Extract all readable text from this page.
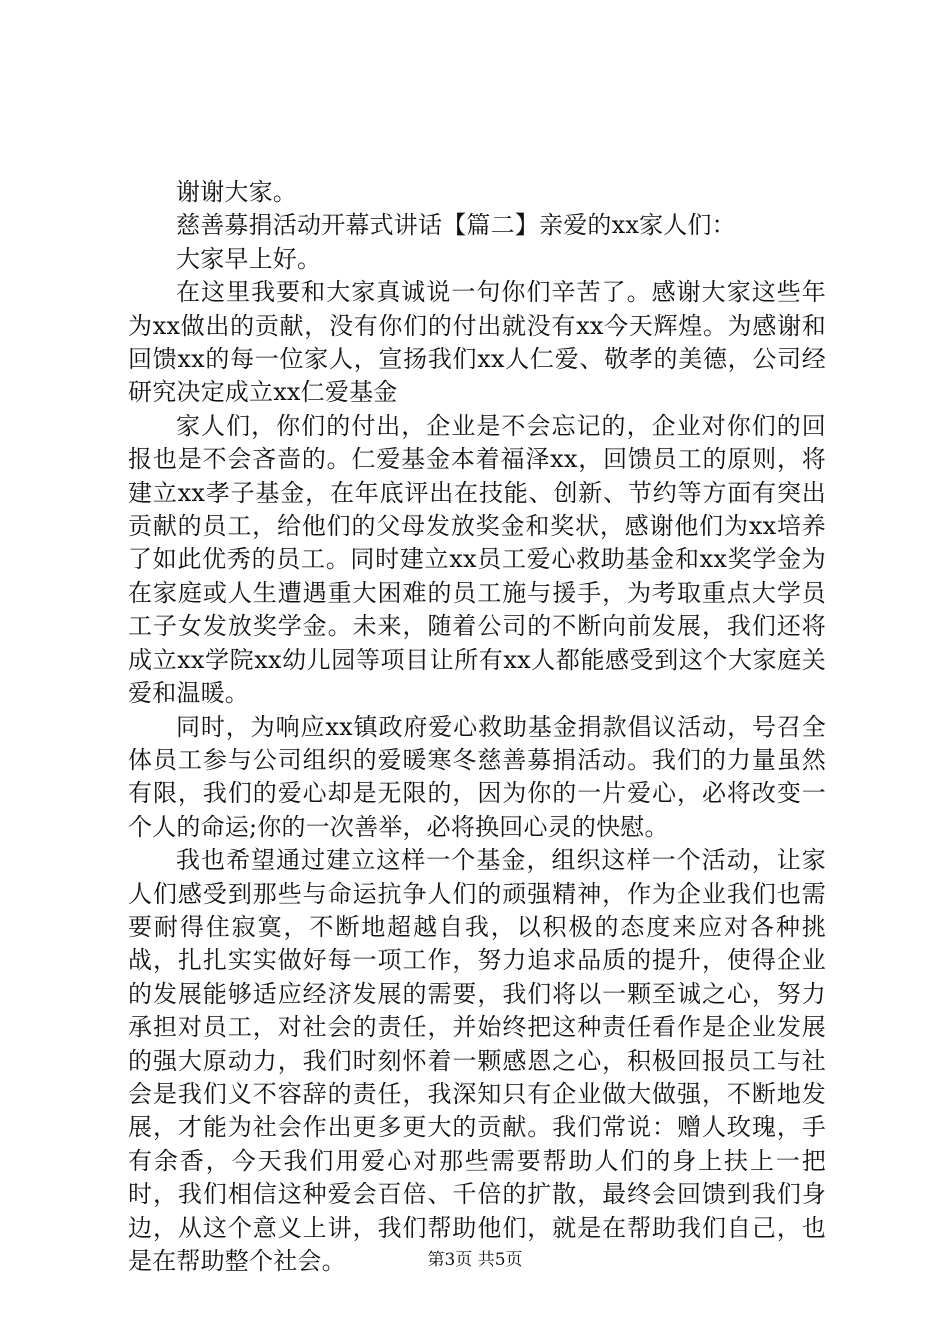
谢谢大家。

慈善募捐活动开幕式讲话【篇二】亲爱的xx家人们：

大家早上好。

在这里我要和大家真诚说一句你们辛苦了。感谢大家这些年为xx做出的贡献，没有你们的付出就没有xx今天辉煌。为感谢和回馈xx的每一位家人，宣扬我们xx人仁爱、敬孝的美德，公司经研究决定成立xx仁爱基金

家人们，你们的付出，企业是不会忘记的，企业对你们的回报也是不会吝啬的。仁爱基金本着福泽xx，回馈员工的原则，将建立xx孝子基金，在年底评出在技能、创新、节约等方面有突出贡献的员工，给他们的父母发放奖金和奖状，感谢他们为xx培养了如此优秀的员工。同时建立xx员工爱心救助基金和xx奖学金为在家庭或人生遭遇重大困难的员工施与援手，为考取重点大学员工子女发放奖学金。未来，随着公司的不断向前发展，我们还将成立xx学院xx幼儿园等项目让所有xx人都能感受到这个大家庭关爱和温暖。

同时，为响应xx镇政府爱心救助基金捐款倡议活动，号召全体员工参与公司组织的爱暖寒冬慈善募捐活动。我们的力量虽然有限，我们的爱心却是无限的，因为你的一片爱心，必将改变一个人的命运;你的一次善举，必将换回心灵的快慰。

我也希望通过建立这样一个基金，组织这样一个活动，让家人们感受到那些与命运抗争人们的顽强精神，作为企业我们也需要耐得住寂寞，不断地超越自我，以积极的态度来应对各种挑战，扎扎实实做好每一项工作，努力追求品质的提升，使得企业的发展能够适应经济发展的需要，我们将以一颗至诚之心，努力承担对员工，对社会的责任，并始终把这种责任看作是企业发展的强大原动力，我们时刻怀着一颗感恩之心，积极回报员工与社会是我们义不容辞的责任，我深知只有企业做大做强，不断地发展，才能为社会作出更多更大的贡献。我们常说：赠人玫瑰，手有余香，今天我们用爱心对那些需要帮助人们的身上扶上一把时，我们相信这种爱会百倍、千倍的扩散，最终会回馈到我们身边，从这个意义上讲，我们帮助他们，就是在帮助我们自己，也是在帮助整个社会。	第3页 共5页
